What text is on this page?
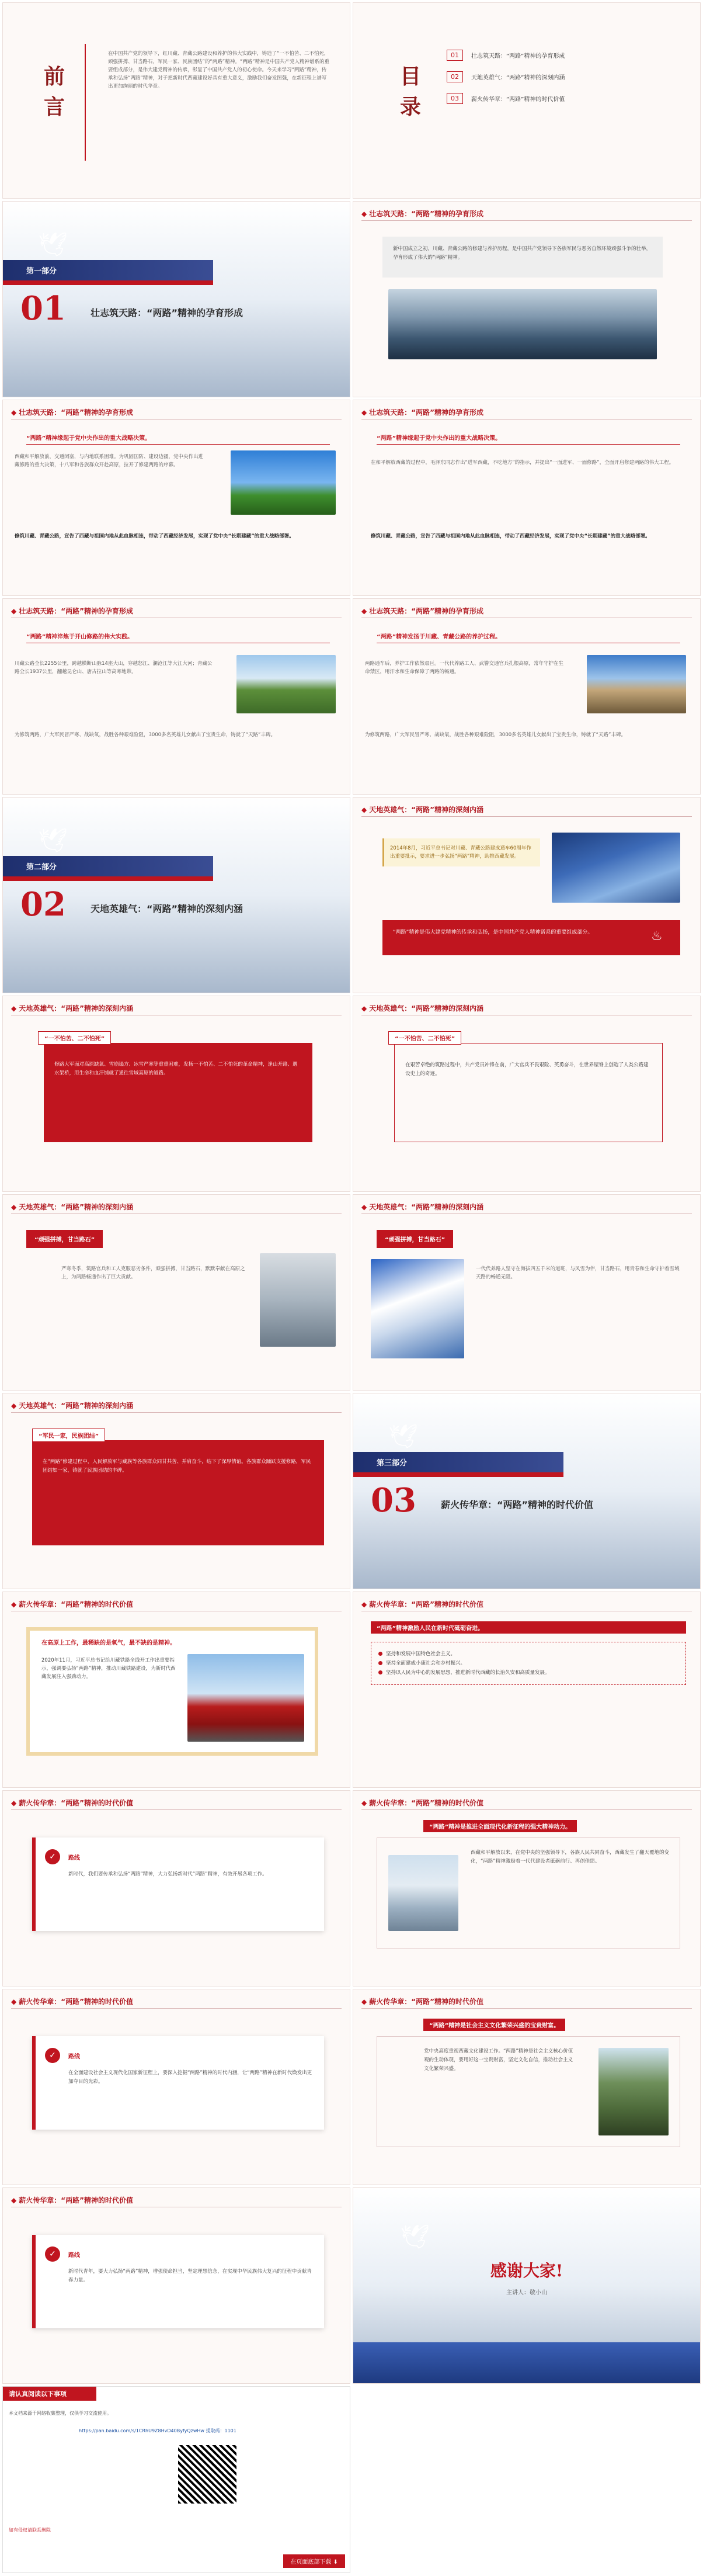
前言
在中国共产党的领导下，红川藏、青藏公路建设和养护的伟大实践中，铸造了“一不怕苦、二不怕死，顽强拼搏、甘当路石，军民一家、民族团结”的“两路”精神。“两路”精神是中国共产党人精神谱系的重要组成部分，是伟大建党精神的传承，彰显了中国共产党人的初心使命。今天来学习“两路”精神，传承和弘扬“两路”精神，对于把新时代西藏建设好具有重大意义，激励我们奋发图强，在新征程上谱写出更加绚丽的时代华章。	目录
01	壮志筑天路：“两路”精神的孕育形成
02	天地英雄气：“两路”精神的深刻内涵
03	薪火传华章：“两路”精神的时代价值
🕊
第一部分
01	壮志筑天路：“两路”精神的孕育形成
◆ 壮志筑天路：“两路”精神的孕育形成
新中国成立之初，川藏、青藏公路的修建与养护历程，是中国共产党领导下各族军民与恶劣自然环境顽强斗争的壮举，孕育形成了伟大的“两路”精神。
◆ 壮志筑天路：“两路”精神的孕育形成
“两路”精神缘起于党中央作出的重大战略决策。
西藏和平解放前，交通闭塞，与内地联系困难。为巩固国防、建设边疆，党中央作出进藏修路的重大决策，十八军和各族群众开赴高原，拉开了修建两路的序幕。
修筑川藏、青藏公路，宣告了西藏与祖国内地从此血脉相连，带动了西藏经济发展，实现了党中央“长期建藏”的重大战略部署。
◆ 壮志筑天路：“两路”精神的孕育形成
“两路”精神缘起于党中央作出的重大战略决策。
在和平解放西藏的过程中，毛泽东同志作出“进军西藏，不吃地方”的指示，并提出“一面进军、一面修路”，全面开启修建两路的伟大工程。
修筑川藏、青藏公路，宣告了西藏与祖国内地从此血脉相连，带动了西藏经济发展，实现了党中央“长期建藏”的重大战略部署。
◆ 壮志筑天路：“两路”精神的孕育形成
“两路”精神淬炼于开山修路的伟大实践。
川藏公路全长2255公里，跨越横断山脉14座大山，穿越怒江、澜沧江等大江大河；青藏公路全长1937公里，翻越昆仑山、唐古拉山等高寒地带。
为修筑两路，广大军民冒严寒、战缺氧，战胜各种艰难险阻，3000多名英雄儿女献出了宝贵生命，铸就了“天路”丰碑。
◆ 壮志筑天路：“两路”精神的孕育形成
“两路”精神发扬于川藏、青藏公路的养护过程。
两路通车后，养护工作依然艰巨。一代代养路工人、武警交通官兵扎根高原，常年守护在生命禁区，用汗水和生命保障了两路的畅通。
为修筑两路，广大军民冒严寒、战缺氧，战胜各种艰难险阻，3000多名英雄儿女献出了宝贵生命，铸就了“天路”丰碑。
🕊
第二部分
02	天地英雄气：“两路”精神的深刻内涵
◆ 天地英雄气：“两路”精神的深刻内涵
2014年8月，习近平总书记对川藏、青藏公路建成通车60周年作出重要批示，要求进一步弘扬“两路”精神，助推西藏发展。
“两路”精神是伟大建党精神的传承和弘扬，是中国共产党人精神谱系的重要组成部分。	♨
◆ 天地英雄气：“两路”精神的深刻内涵
“一不怕苦、二不怕死”
修路大军面对高原缺氧、雪崩塌方、冰雪严寒等重重困难，发扬一不怕苦、二不怕死的革命精神，逢山开路、遇水架桥，用生命和血汗铺就了通往雪域高原的道路。
◆ 天地英雄气：“两路”精神的深刻内涵
“一不怕苦、二不怕死”
在艰苦卓绝的筑路过程中，共产党员冲锋在前，广大官兵不畏艰险、英勇奋斗，在世界屋脊上创造了人类公路建设史上的奇迹。
◆ 天地英雄气：“两路”精神的深刻内涵
“顽强拼搏，甘当路石”
严寒冬季，筑路官兵和工人克服恶劣条件，顽强拼搏，甘当路石，默默奉献在高原之上，为两路畅通作出了巨大贡献。
◆ 天地英雄气：“两路”精神的深刻内涵
“顽强拼搏，甘当路石”
一代代养路人坚守在海拔四五千米的道班，与风雪为伴，甘当路石，用青春和生命守护着雪域天路的畅通无阻。
◆ 天地英雄气：“两路”精神的深刻内涵
“军民一家，民族团结”
在“两路”修建过程中，人民解放军与藏族等各族群众同甘共苦、并肩奋斗，结下了深厚情谊。各族群众踊跃支援修路，军民团结如一家，铸就了民族团结的丰碑。
🕊
第三部分
03	薪火传华章：“两路”精神的时代价值
◆ 薪火传华章：“两路”精神的时代价值
在高原上工作，最稀缺的是氧气，最不缺的是精神。
2020年11月，习近平总书记给川藏铁路全线开工作出重要指示，强调要弘扬“两路”精神，推动川藏铁路建设，为新时代西藏发展注入强劲动力。
◆ 薪火传华章：“两路”精神的时代价值
“两路”精神激励人民在新时代砥砺奋进。
坚持和发展中国特色社会主义。
坚持全面建成小康社会和乡村振兴。
坚持以人民为中心的发展思想，推进新时代西藏的长治久安和高质量发展。
◆ 薪火传华章：“两路”精神的时代价值
✓	路线
新时代，我们要传承和弘扬“两路”精神，大力弘扬新时代“两路”精神，有效开展各项工作。
◆ 薪火传华章：“两路”精神的时代价值
“两路”精神是推进全面现代化新征程的强大精神动力。
西藏和平解放以来，在党中央的坚强领导下，各族人民共同奋斗，西藏发生了翻天覆地的变化，“两路”精神激励着一代代建设者砥砺前行、再创佳绩。
◆ 薪火传华章：“两路”精神的时代价值
✓	路线
在全面建设社会主义现代化国家新征程上，要深入挖掘“两路”精神的时代内涵，让“两路”精神在新时代焕发出更加夺目的光彩。
◆ 薪火传华章：“两路”精神的时代价值
“两路”精神是社会主义文化繁荣兴盛的宝贵财富。
党中央高度重视西藏文化建设工作。“两路”精神是社会主义核心价值观的生动体现，要用好这一宝贵财富，坚定文化自信，推动社会主义文化繁荣兴盛。
◆ 薪火传华章：“两路”精神的时代价值
✓	路线
新时代青年，要大力弘扬“两路”精神，增强使命担当，坚定理想信念，在实现中华民族伟大复兴的征程中贡献青春力量。
🕊
感谢大家!
主讲人：敬小山
请认真阅读以下事项
本文档来源于网络收集整理，仅供学习交流使用。
https://pan.baidu.com/s/1CRhU9Z8HvD40ByfyQzwHw 提取码：1101
如有侵权请联系删除
在页面底部下载 ⬇
